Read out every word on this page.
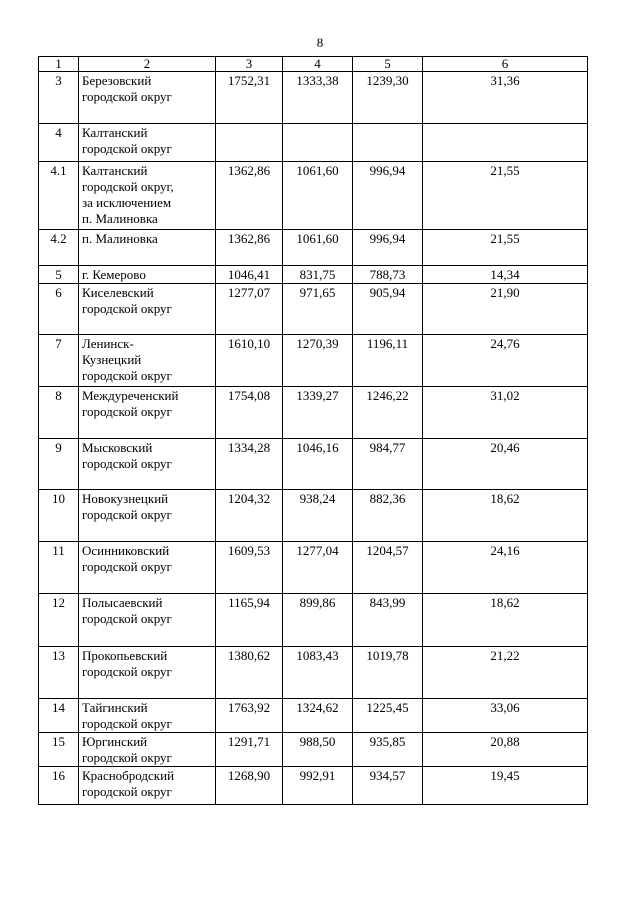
8
1	2	3	4	5	6
3	Березовский
городской округ	1752,31	1333,38	1239,30	31,36
4	Калтанский
городской округ				
4.1	Калтанский
городской округ,
за исключением
п. Малиновка	1362,86	1061,60	996,94	21,55
4.2	п. Малиновка	1362,86	1061,60	996,94	21,55
5	г. Кемерово	1046,41	831,75	788,73	14,34
6	Киселевский
городской округ	1277,07	971,65	905,94	21,90
7	Ленинск-
Кузнецкий
городской округ	1610,10	1270,39	1196,11	24,76
8	Междуреченский
городской округ	1754,08	1339,27	1246,22	31,02
9	Мысковский
городской округ	1334,28	1046,16	984,77	20,46
10	Новокузнецкий
городской округ	1204,32	938,24	882,36	18,62
11	Осинниковский
городской округ	1609,53	1277,04	1204,57	24,16
12	Полысаевский
городской округ	1165,94	899,86	843,99	18,62
13	Прокопьевский
городской округ	1380,62	1083,43	1019,78	21,22
14	Тайгинский
городской округ	1763,92	1324,62	1225,45	33,06
15	Юргинский
городской округ	1291,71	988,50	935,85	20,88
16	Краснобродский
городской округ	1268,90	992,91	934,57	19,45
